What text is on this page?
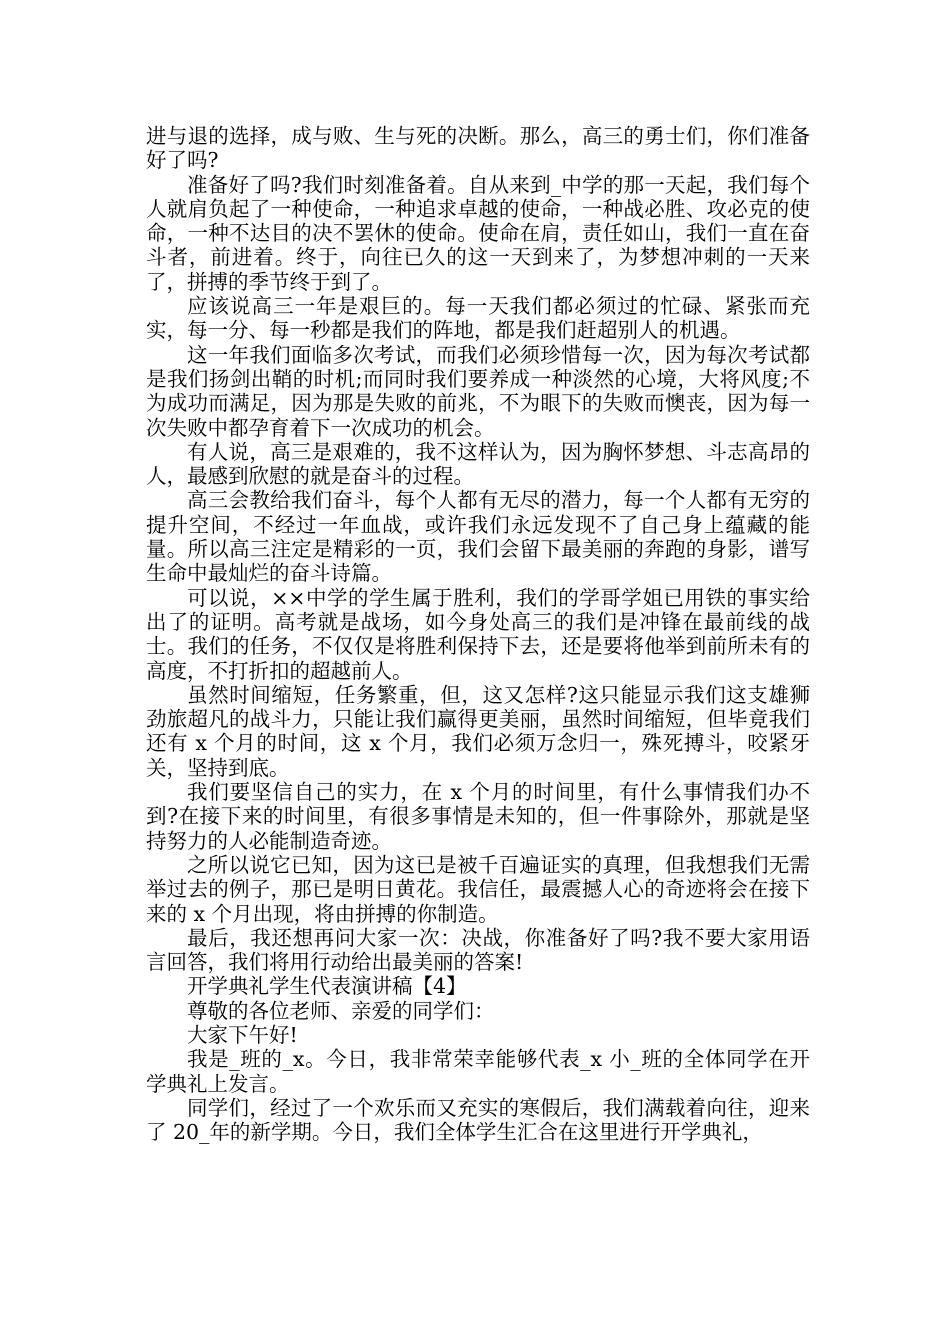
进与退的选择，成与败、生与死的决断。那么，高三的勇士们，你们准备好了吗?

准备好了吗?我们时刻准备着。自从来到_中学的那一天起，我们每个人就肩负起了一种使命，一种追求卓越的使命，一种战必胜、攻必克的使命，一种不达目的决不罢休的使命。使命在肩，责任如山，我们一直在奋斗者，前进着。终于，向往已久的这一天到来了，为梦想冲刺的一天来了，拼搏的季节终于到了。

应该说高三一年是艰巨的。每一天我们都必须过的忙碌、紧张而充实，每一分、每一秒都是我们的阵地，都是我们赶超别人的机遇。

这一年我们面临多次考试，而我们必须珍惜每一次，因为每次考试都是我们扬剑出鞘的时机;而同时我们要养成一种淡然的心境，大将风度;不为成功而满足，因为那是失败的前兆，不为眼下的失败而懊丧，因为每一次失败中都孕育着下一次成功的机会。

有人说，高三是艰难的，我不这样认为，因为胸怀梦想、斗志高昂的人，最感到欣慰的就是奋斗的过程。

高三会教给我们奋斗，每个人都有无尽的潜力，每一个人都有无穷的提升空间，不经过一年血战，或许我们永远发现不了自己身上蕴藏的能量。所以高三注定是精彩的一页，我们会留下最美丽的奔跑的身影，谱写生命中最灿烂的奋斗诗篇。

可以说，××中学的学生属于胜利，我们的学哥学姐已用铁的事实给出了的证明。高考就是战场，如今身处高三的我们是冲锋在最前线的战士。我们的任务，不仅仅是将胜利保持下去，还是要将他举到前所未有的高度，不打折扣的超越前人。

虽然时间缩短，任务繁重，但，这又怎样?这只能显示我们这支雄狮劲旅超凡的战斗力，只能让我们赢得更美丽，虽然时间缩短，但毕竟我们还有 x 个月的时间，这 x 个月，我们必须万念归一，殊死搏斗，咬紧牙关，坚持到底。

我们要坚信自己的实力，在 x 个月的时间里，有什么事情我们办不到?在接下来的时间里，有很多事情是未知的，但一件事除外，那就是坚持努力的人必能制造奇迹。

之所以说它已知，因为这已是被千百遍证实的真理，但我想我们无需举过去的例子，那已是明日黄花。我信任，最震撼人心的奇迹将会在接下来的 x 个月出现，将由拼搏的你制造。

最后，我还想再问大家一次：决战，你准备好了吗?我不要大家用语言回答，我们将用行动给出最美丽的答案!

开学典礼学生代表演讲稿【4】

尊敬的各位老师、亲爱的同学们：

大家下午好!

我是_班的_x。今日，我非常荣幸能够代表_x 小_班的全体同学在开学典礼上发言。

同学们，经过了一个欢乐而又充实的寒假后，我们满载着向往，迎来了 20_年的新学期。今日，我们全体学生汇合在这里进行开学典礼，
